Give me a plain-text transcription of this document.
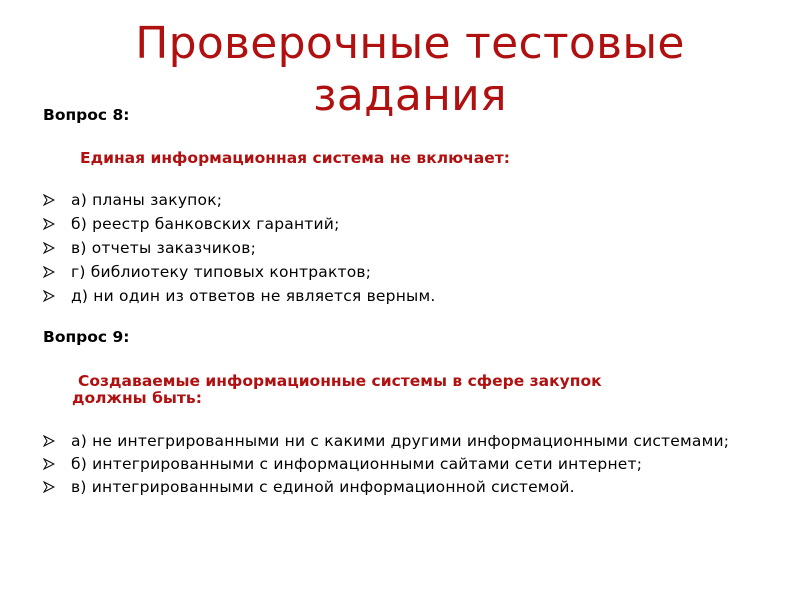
Проверочные тестовые
задания
Вопрос 8:
Единая информационная система не включает:
а) планы закупок;
б) реестр банковских гарантий;
в) отчеты заказчиков;
г) библиотеку типовых контрактов;
д) ни один из ответов не является верным.
Вопрос 9:
Создаваемые информационные системы в сфере закупок
должны быть:
а) не интегрированными ни с какими другими информационными системами;
б) интегрированными с информационными сайтами сети интернет;
в) интегрированными с единой информационной системой.
